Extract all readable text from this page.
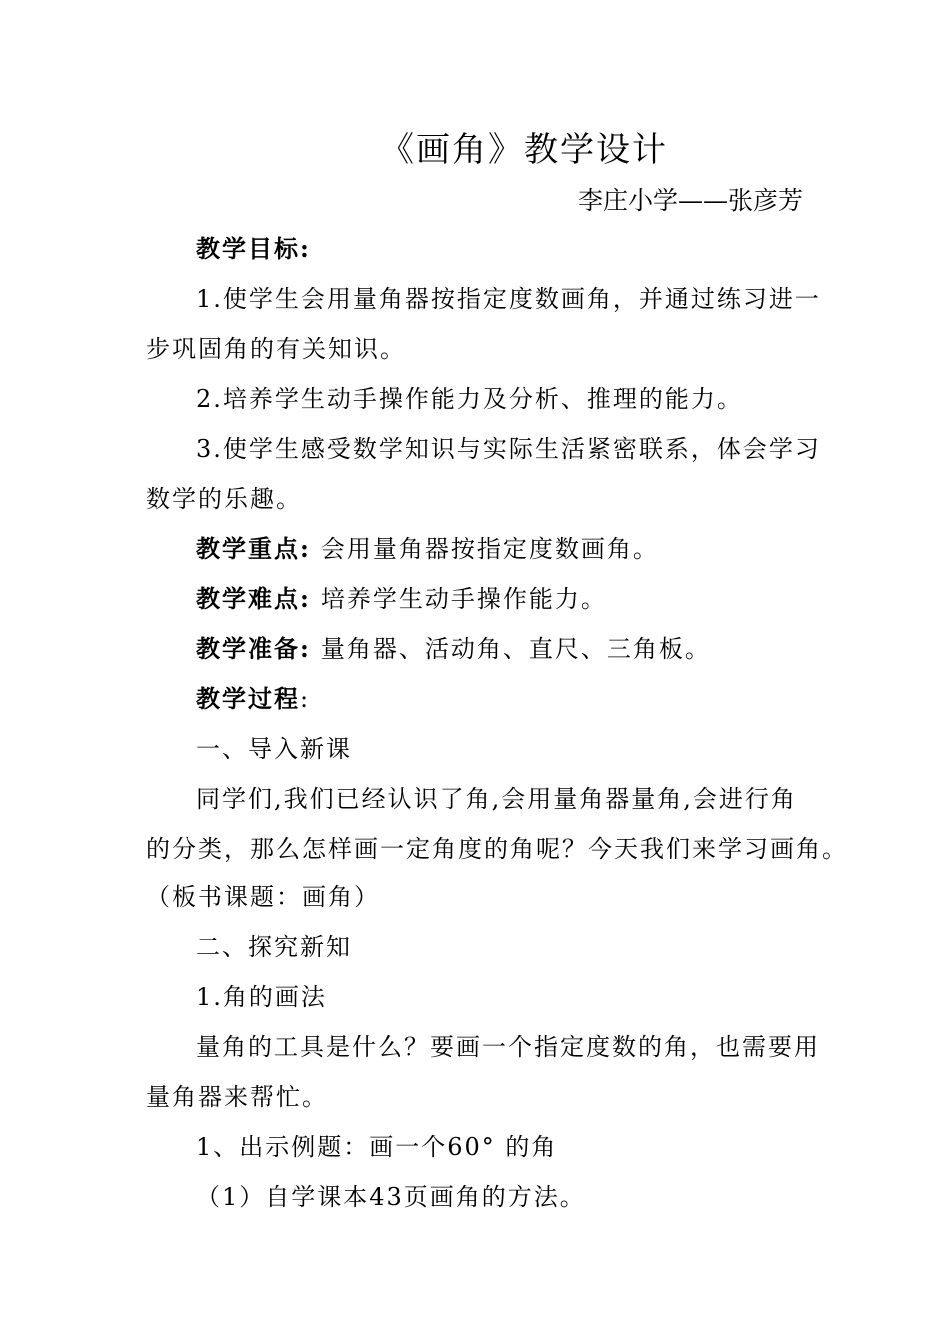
《画角》教学设计
李庄小学——张彦芳
教学目标:
1.使学生会用量角器按指定度数画角，并通过练习进一
步巩固角的有关知识。
2.培养学生动手操作能力及分析、推理的能力。
3.使学生感受数学知识与实际生活紧密联系，体会学习
数学的乐趣。
教学重点: 会用量角器按指定度数画角。
教学难点: 培养学生动手操作能力。
教学准备: 量角器、活动角、直尺、三角板。
教学过程:
一、导入新课
同学们,我们已经认识了角,会用量角器量角,会进行角
的分类，那么怎样画一定角度的角呢？今天我们来学习画角。
（板书课题：画角）
二、探究新知
1.角的画法
量角的工具是什么？要画一个指定度数的角，也需要用
量角器来帮忙。
1、出示例题：画一个60° 的角
（1）自学课本43页画角的方法。
